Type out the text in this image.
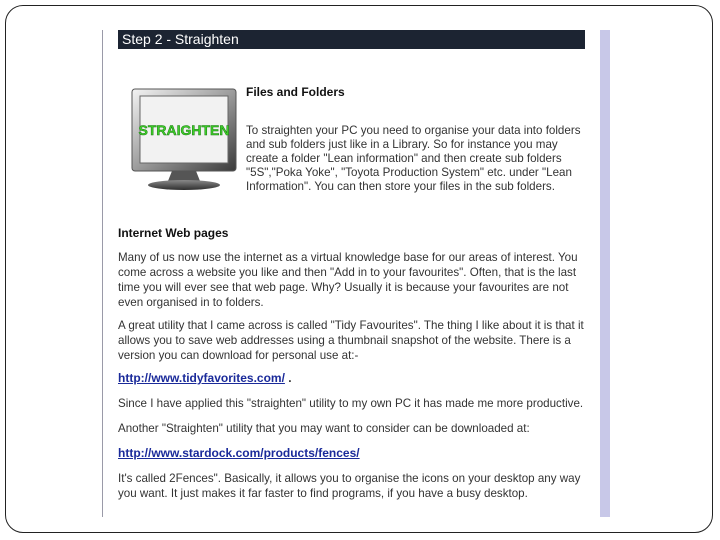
Step 2 - Straighten
STRAIGHTEN
Files and Folders
To straighten your PC you need to organise your data into folders and sub folders just like in a Library. So for instance you may create a folder "Lean information" and then create sub folders "5S","Poka Yoke", "Toyota Production System" etc. under "Lean Information". You can then store your files in the sub folders.
Internet Web pages
Many of us now use the internet as a virtual knowledge base for our areas of interest. You come across a website you like and then "Add in to your favourites". Often, that is the last time you will ever see that web page. Why? Usually it is because your favourites are not even organised in to folders.
A great utility that I came across is called "Tidy Favourites". The thing I like about it is that it allows you to save web addresses using a thumbnail snapshot of the website. There is a version you can download for personal use at:-
http://www.tidyfavorites.com/ .
Since I have applied this "straighten" utility to my own PC it has made me more productive.
Another "Straighten" utility that you may want to consider can be downloaded at:
http://www.stardock.com/products/fences/
It's called 2Fences". Basically, it allows you to organise the icons on your desktop any way you want. It just makes it far faster to find programs, if you have a busy desktop.
